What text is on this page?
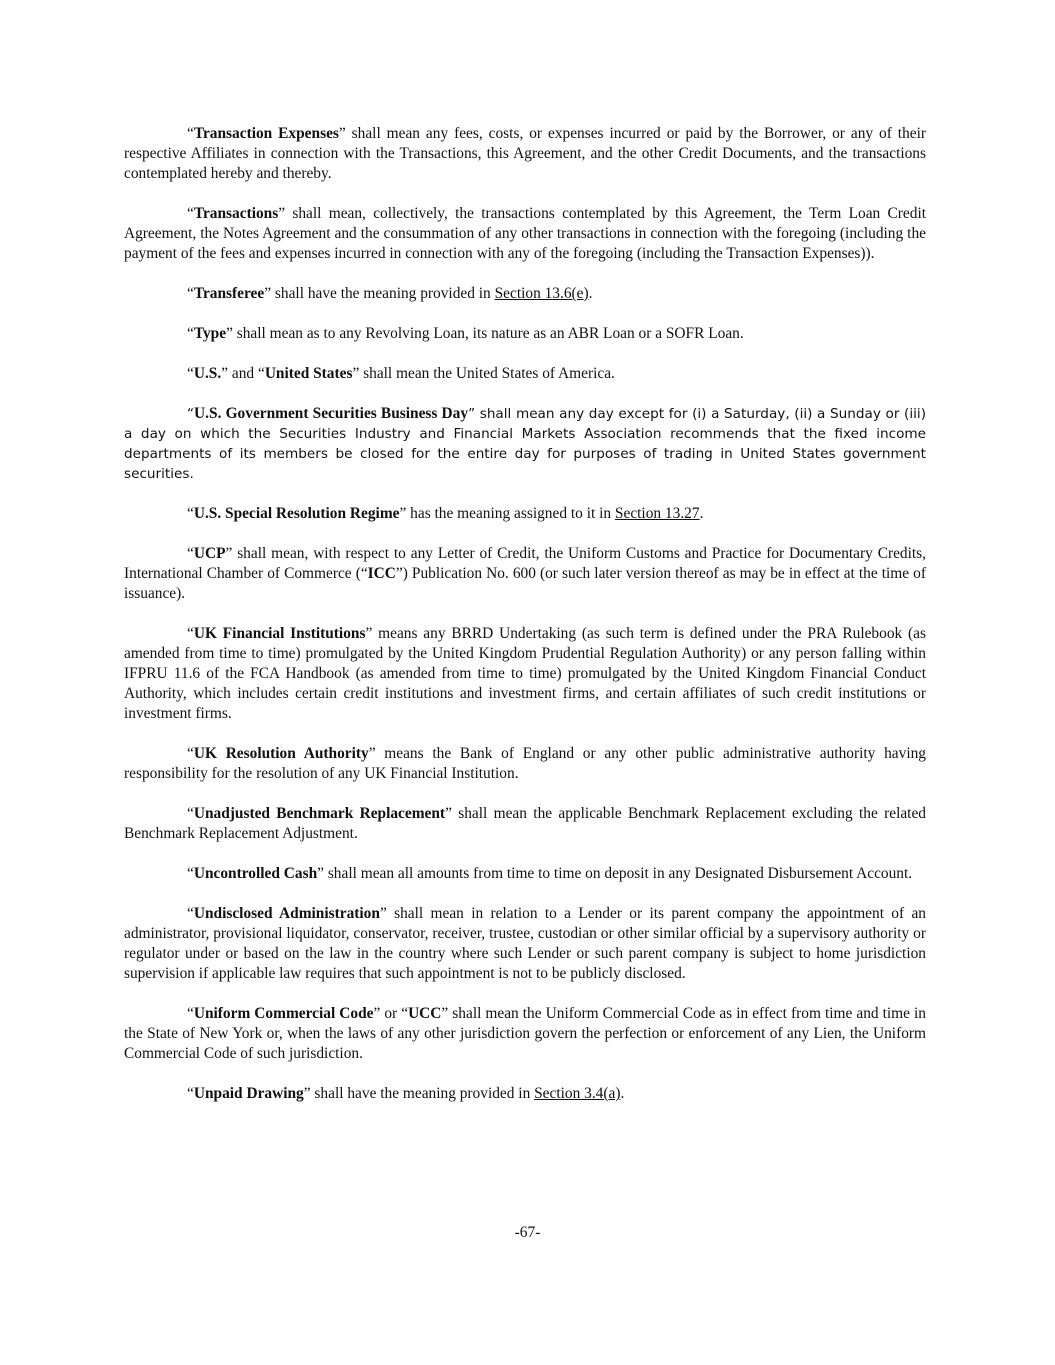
“Transaction Expenses” shall mean any fees, costs, or expenses incurred or paid by the Borrower, or any of their respective Affiliates in connection with the Transactions, this Agreement, and the other Credit Documents, and the transactions contemplated hereby and thereby.

“Transactions” shall mean, collectively, the transactions contemplated by this Agreement, the Term Loan Credit Agreement, the Notes Agreement and the consummation of any other transactions in connection with the foregoing (including the payment of the fees and expenses incurred in connection with any of the foregoing (including the Transaction Expenses)).

“Transferee” shall have the meaning provided in Section 13.6(e).

“Type” shall mean as to any Revolving Loan, its nature as an ABR Loan or a SOFR Loan.

“U.S.” and “United States” shall mean the United States of America.

“U.S. Government Securities Business Day” shall mean any day except for (i) a Saturday, (ii) a Sunday or (iii) a day on which the Securities Industry and Financial Markets Association recommends that the fixed income departments of its members be closed for the entire day for purposes of trading in United States government securities.

“U.S. Special Resolution Regime” has the meaning assigned to it in Section 13.27.

“UCP” shall mean, with respect to any Letter of Credit, the Uniform Customs and Practice for Documentary Credits, International Chamber of Commerce (“ICC”) Publication No. 600 (or such later version thereof as may be in effect at the time of issuance).

“UK Financial Institutions” means any BRRD Undertaking (as such term is defined under the PRA Rulebook (as amended from time to time) promulgated by the United Kingdom Prudential Regulation Authority) or any person falling within IFPRU 11.6 of the FCA Handbook (as amended from time to time) promulgated by the United Kingdom Financial Conduct Authority, which includes certain credit institutions and investment firms, and certain affiliates of such credit institutions or investment firms.

“UK Resolution Authority” means the Bank of England or any other public administrative authority having responsibility for the resolution of any UK Financial Institution.

“Unadjusted Benchmark Replacement” shall mean the applicable Benchmark Replacement excluding the related Benchmark Replacement Adjustment.

“Uncontrolled Cash” shall mean all amounts from time to time on deposit in any Designated Disbursement Account.

“Undisclosed Administration” shall mean in relation to a Lender or its parent company the appointment of an administrator, provisional liquidator, conservator, receiver, trustee, custodian or other similar official by a supervisory authority or regulator under or based on the law in the country where such Lender or such parent company is subject to home jurisdiction supervision if applicable law requires that such appointment is not to be publicly disclosed.

“Uniform Commercial Code” or “UCC” shall mean the Uniform Commercial Code as in effect from time and time in the State of New York or, when the laws of any other jurisdiction govern the perfection or enforcement of any Lien, the Uniform Commercial Code of such jurisdiction.

“Unpaid Drawing” shall have the meaning provided in Section 3.4(a).

-67-
